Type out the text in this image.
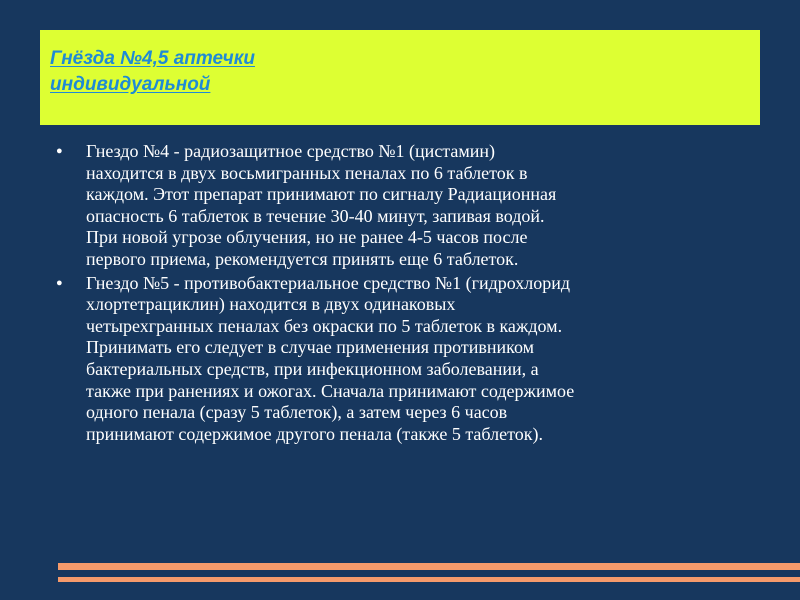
Гнёзда №4,5 аптечки
индивидуальной
●	Гнездо №4 - радиозащитное средство №1 (цистамин)
находится в двух восьмигранных пеналах по 6 таблеток в
каждом. Этот препарат принимают по сигналу Радиационная
опасность 6 таблеток в течение 30-40 минут, запивая водой.
При новой угрозе облучения, но не ранее 4-5 часов после
первого приема, рекомендуется принять еще 6 таблеток.
●	Гнездо №5 - противобактериальное средство №1 (гидрохлорид
хлортетрациклин) находится в двух одинаковых
четырехгранных пеналах без окраски по 5 таблеток в каждом.
Принимать его следует в случае применения противником
бактериальных средств, при инфекционном заболевании, а
также при ранениях и ожогах. Сначала принимают содержимое
одного пенала (сразу 5 таблеток), а затем через 6 часов
принимают содержимое другого пенала (также 5 таблеток).
